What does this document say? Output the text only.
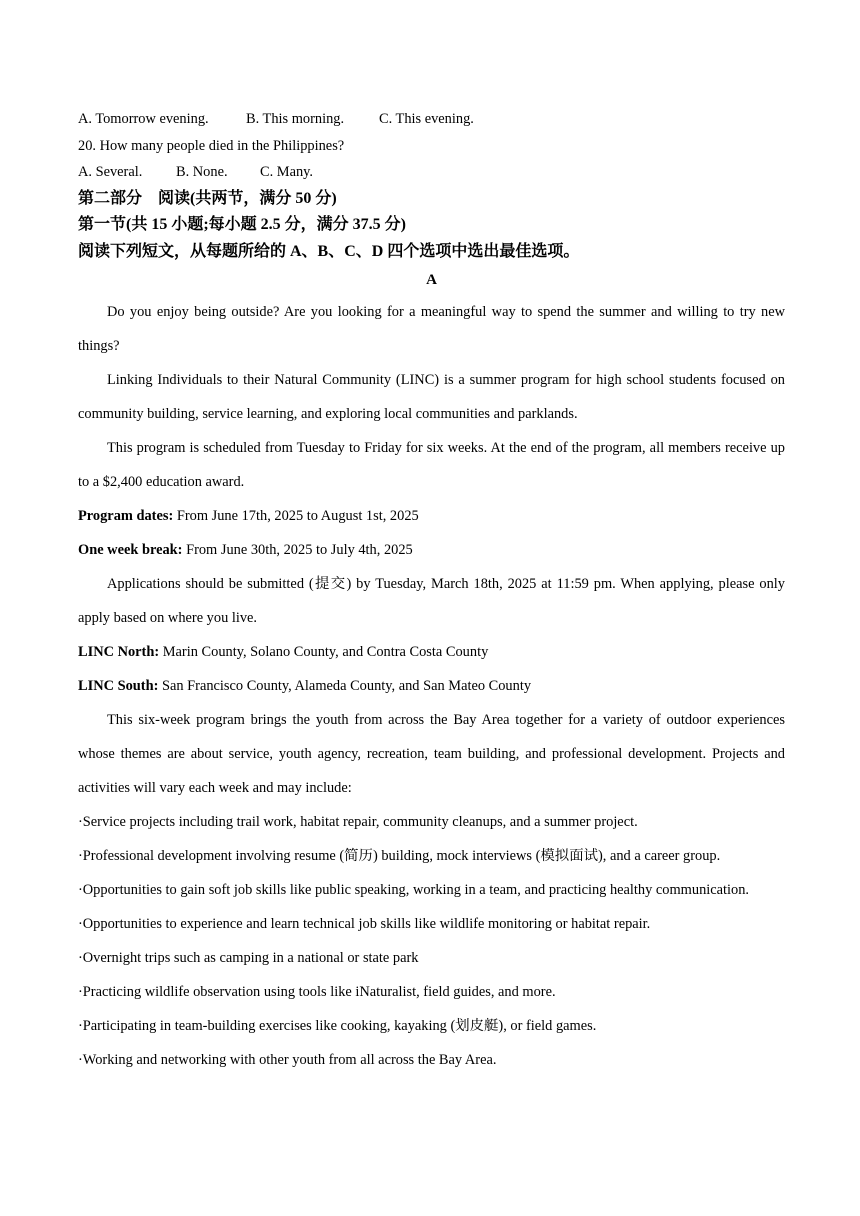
A. Tomorrow evening.	B. This morning. C. This evening.
20. How many people died in the Philippines?
A. Several. B. None. C. Many.
第二部分　阅读(共两节，满分 50 分)
第一节(共 15 小题;每小题 2.5 分，满分 37.5 分)
阅读下列短文，从每题所给的 A、B、C、D 四个选项中选出最佳选项。
A

Do you enjoy being outside? Are you looking for a meaningful way to spend the summer and willing to try new things?

Linking Individuals to their Natural Community (LINC) is a summer program for high school students focused on community building, service learning, and exploring local communities and parklands.

This program is scheduled from Tuesday to Friday for six weeks. At the end of the program, all members receive up to a $2,400 education award.

Program dates: From June 17th, 2025 to August 1st, 2025

One week break: From June 30th, 2025 to July 4th, 2025

Applications should be submitted (提交) by Tuesday, March 18th, 2025 at 11:59 pm. When applying, please only apply based on where you live.

LINC North: Marin County, Solano County, and Contra Costa County

LINC South: San Francisco County, Alameda County, and San Mateo County

This six-week program brings the youth from across the Bay Area together for a variety of outdoor experiences whose themes are about service, youth agency, recreation, team building, and professional development. Projects and activities will vary each week and may include:

·Service projects including trail work, habitat repair, community cleanups, and a summer project.

·Professional development involving resume (简历) building, mock interviews (模拟面试), and a career group.

·Opportunities to gain soft job skills like public speaking, working in a team, and practicing healthy communication.

·Opportunities to experience and learn technical job skills like wildlife monitoring or habitat repair.

·Overnight trips such as camping in a national or state park

·Practicing wildlife observation using tools like iNaturalist, field guides, and more.

·Participating in team-building exercises like cooking, kayaking (划皮艇), or field games.

·Working and networking with other youth from all across the Bay Area.
